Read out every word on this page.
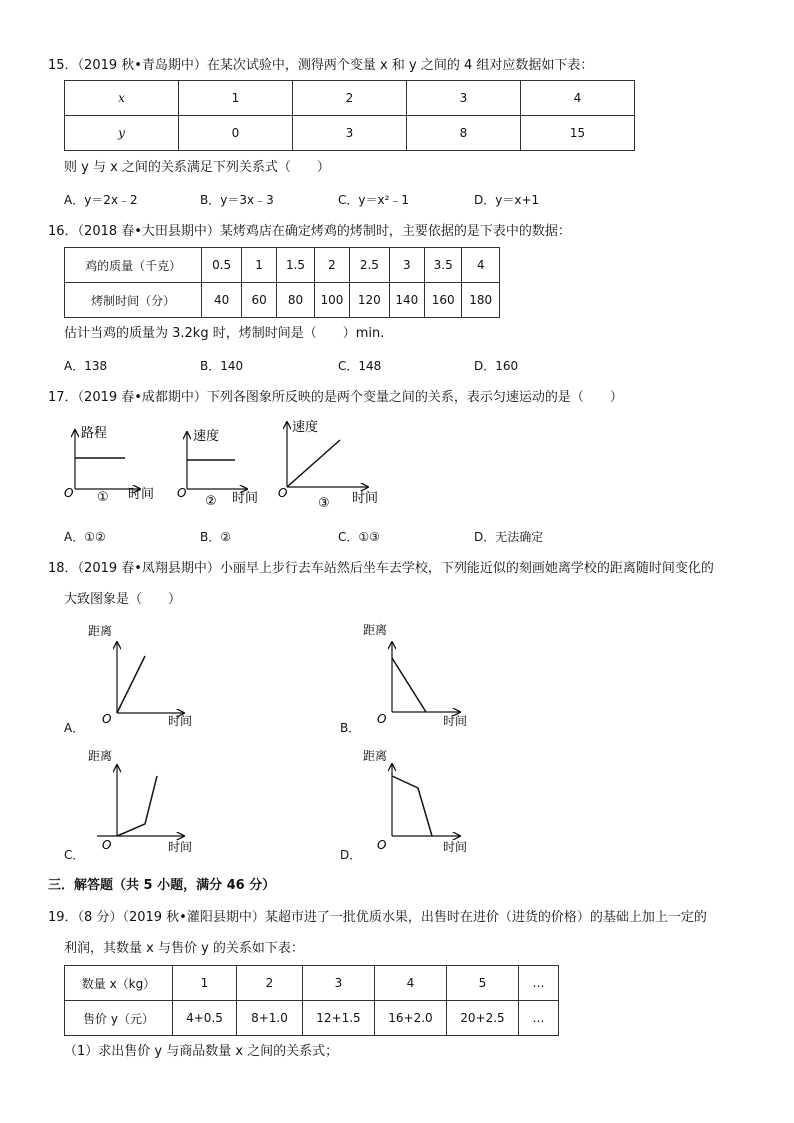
15．（2019 秋•青岛期中）在某次试验中，测得两个变量 x 和 y 之间的 4 组对应数据如下表：
x	1	2	3	4
y	0	3	8	15
则 y 与 x 之间的关系满足下列关系式（　　）
A．y＝2x﹣2	B．y＝3x﹣3	C．y＝x²﹣1	D．y＝x+1
16．（2018 春•大田县期中）某烤鸡店在确定烤鸡的烤制时，主要依据的是下表中的数据：
鸡的质量（千克）	0.5	1	1.5	2	2.5	3	3.5	4
烤制时间（分）	40	60	80	100	120	140	160	180
估计当鸡的质量为 3.2kg 时，烤制时间是（　　）min.
A．138	B．140	C．148	D．160
17．（2019 春•成都期中）下列各图象所反映的是两个变量之间的关系，表示匀速运动的是（　　）
路程
O ① 时间
速度
O
② 时间
速度
O
③ 时间
距离
O	时间
距离
O	时间
距离
O	时间
距离
O	时间
A．①②	B．②	C．①③	D．无法确定
18．（2019 春•凤翔县期中）小丽早上步行去车站然后坐车去学校，下列能近似的刻画她离学校的距离随时间变化的
大致图象是（　　）
A．	B．
C．	D．
三．解答题（共 5 小题，满分 46 分）
19．（8 分）（2019 秋•灌阳县期中）某超市进了一批优质水果，出售时在进价（进货的价格）的基础上加上一定的
利润，其数量 x 与售价 y 的关系如下表：
数量 x（kg）	1	2	3	4	5	…
售价 y（元）	4+0.5	8+1.0	12+1.5	16+2.0	20+2.5	…
（1）求出售价 y 与商品数量 x 之间的关系式；
